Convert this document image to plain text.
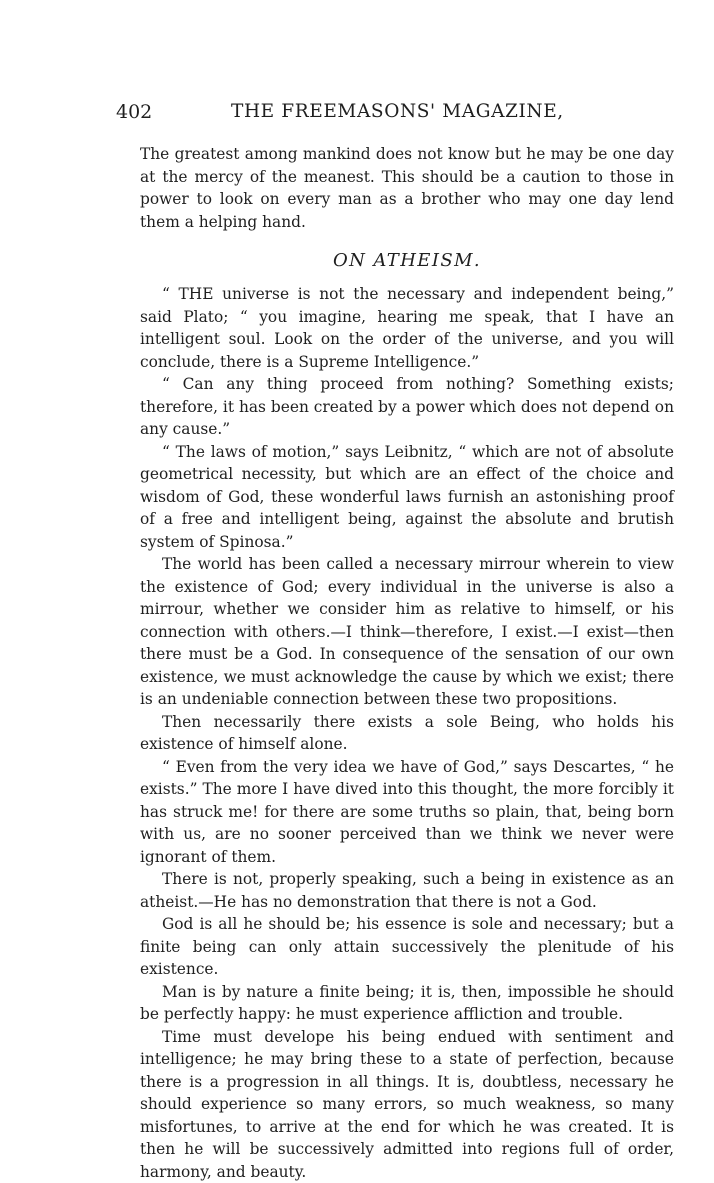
402	THE FREEMASONS' MAGAZINE,

The greatest among mankind does not know but he may be one day at the mercy of the meanest. This should be a caution to those in power to look on every man as a brother who may one day lend them a helping hand.

ON ATHEISM.

“ THE universe is not the necessary and independent being,” said Plato; “ you imagine, hearing me speak, that I have an intelligent soul. Look on the order of the universe, and you will conclude, there is a Supreme Intelligence.”

“ Can any thing proceed from nothing? Something exists; therefore, it has been created by a power which does not depend on any cause.”

“ The laws of motion,” says Leibnitz, “ which are not of absolute geometrical necessity, but which are an effect of the choice and wisdom of God, these wonderful laws furnish an astonishing proof of a free and intelligent being, against the absolute and brutish system of Spinosa.”

The world has been called a necessary mirrour wherein to view the existence of God; every individual in the universe is also a mirrour, whether we consider him as relative to himself, or his connection with others.—I think—therefore, I exist.—I exist—then there must be a God. In consequence of the sensation of our own existence, we must acknowledge the cause by which we exist; there is an undeniable connection between these two propositions.

Then necessarily there exists a sole Being, who holds his existence of himself alone.

“ Even from the very idea we have of God,” says Descartes, “ he exists.” The more I have dived into this thought, the more forcibly it has struck me! for there are some truths so plain, that, being born with us, are no sooner perceived than we think we never were ignorant of them.

There is not, properly speaking, such a being in existence as an atheist.—He has no demonstration that there is not a God.

God is all he should be; his essence is sole and necessary; but a finite being can only attain successively the plenitude of his existence.

Man is by nature a finite being; it is, then, impossible he should be perfectly happy: he must experience affliction and trouble.

Time must develope his being endued with sentiment and intelligence; he may bring these to a state of perfection, because there is a progression in all things. It is, doubtless, necessary he should experience so many errors, so much weakness, so many misfortunes, to arrive at the end for which he was created. It is then he will be successively admitted into regions full of order, harmony, and beauty.
